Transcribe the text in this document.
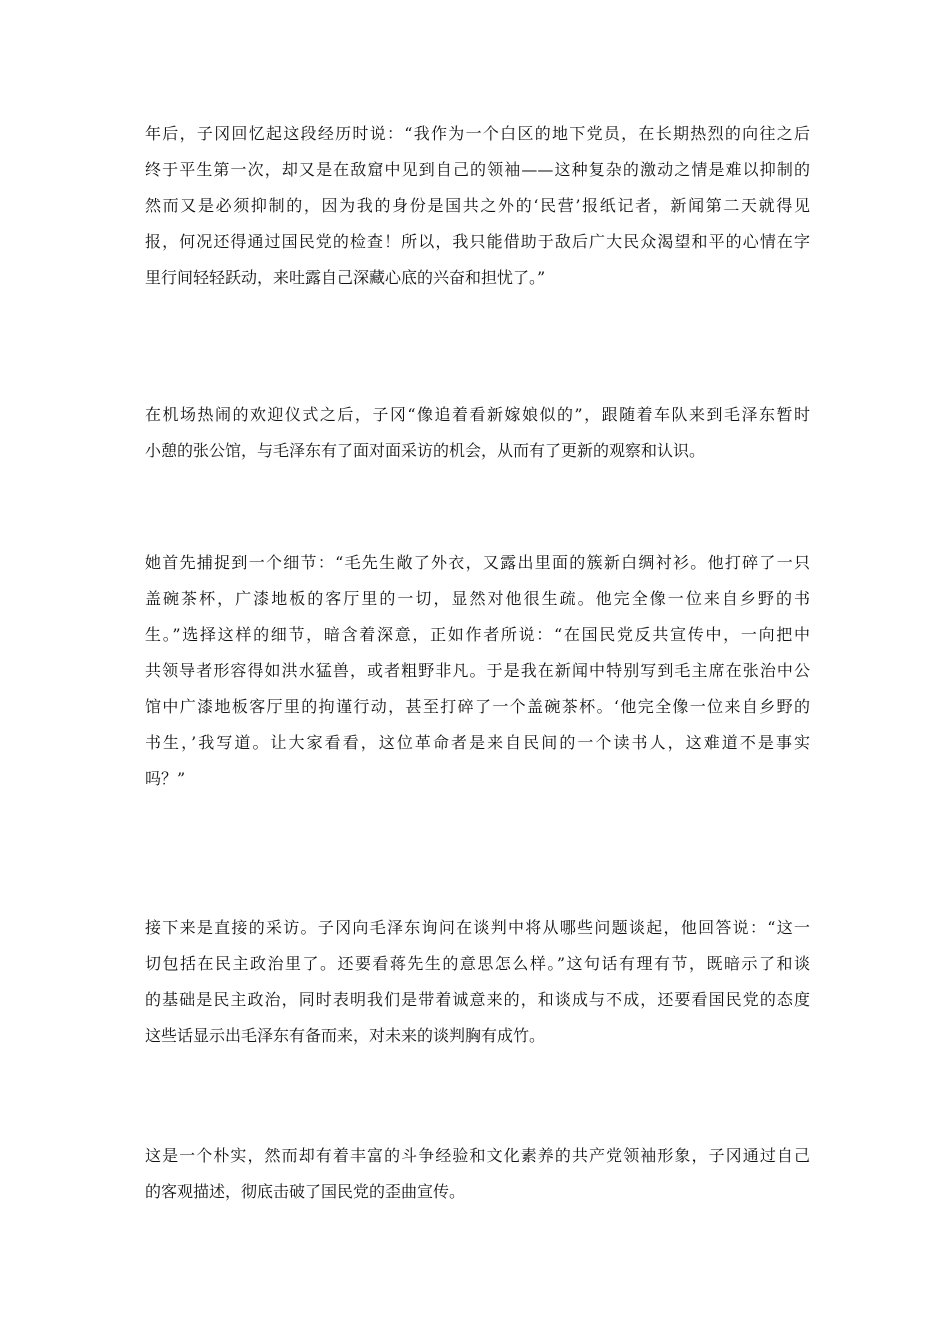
年后，子冈回忆起这段经历时说：“我作为一个白区的地下党员，在长期热烈的向往之后
终于平生第一次，却又是在敌窟中见到自己的领袖——这种复杂的激动之情是难以抑制的
然而又是必须抑制的，因为我的身份是国共之外的‘民营’报纸记者，新闻第二天就得见
报，何况还得通过国民党的检查！所以，我只能借助于敌后广大民众渴望和平的心情在字
里行间轻轻跃动，来吐露自己深藏心底的兴奋和担忧了。”
在机场热闹的欢迎仪式之后，子冈“像追着看新嫁娘似的”，跟随着车队来到毛泽东暂时
小憩的张公馆，与毛泽东有了面对面采访的机会，从而有了更新的观察和认识。
她首先捕捉到一个细节：“毛先生敞了外衣，又露出里面的簇新白绸衬衫。他打碎了一只
盖碗茶杯，广漆地板的客厅里的一切，显然对他很生疏。他完全像一位来自乡野的书
生。”选择这样的细节，暗含着深意，正如作者所说：“在国民党反共宣传中，一向把中
共领导者形容得如洪水猛兽，或者粗野非凡。于是我在新闻中特别写到毛主席在张治中公
馆中广漆地板客厅里的拘谨行动，甚至打碎了一个盖碗茶杯。‘他完全像一位来自乡野的
书生，’我写道。让大家看看，这位革命者是来自民间的一个读书人，这难道不是事实
吗？”
接下来是直接的采访。子冈向毛泽东询问在谈判中将从哪些问题谈起，他回答说：“这一
切包括在民主政治里了。还要看蒋先生的意思怎么样。”这句话有理有节，既暗示了和谈
的基础是民主政治，同时表明我们是带着诚意来的，和谈成与不成，还要看国民党的态度
这些话显示出毛泽东有备而来，对未来的谈判胸有成竹。
这是一个朴实，然而却有着丰富的斗争经验和文化素养的共产党领袖形象，子冈通过自己
的客观描述，彻底击破了国民党的歪曲宣传。
